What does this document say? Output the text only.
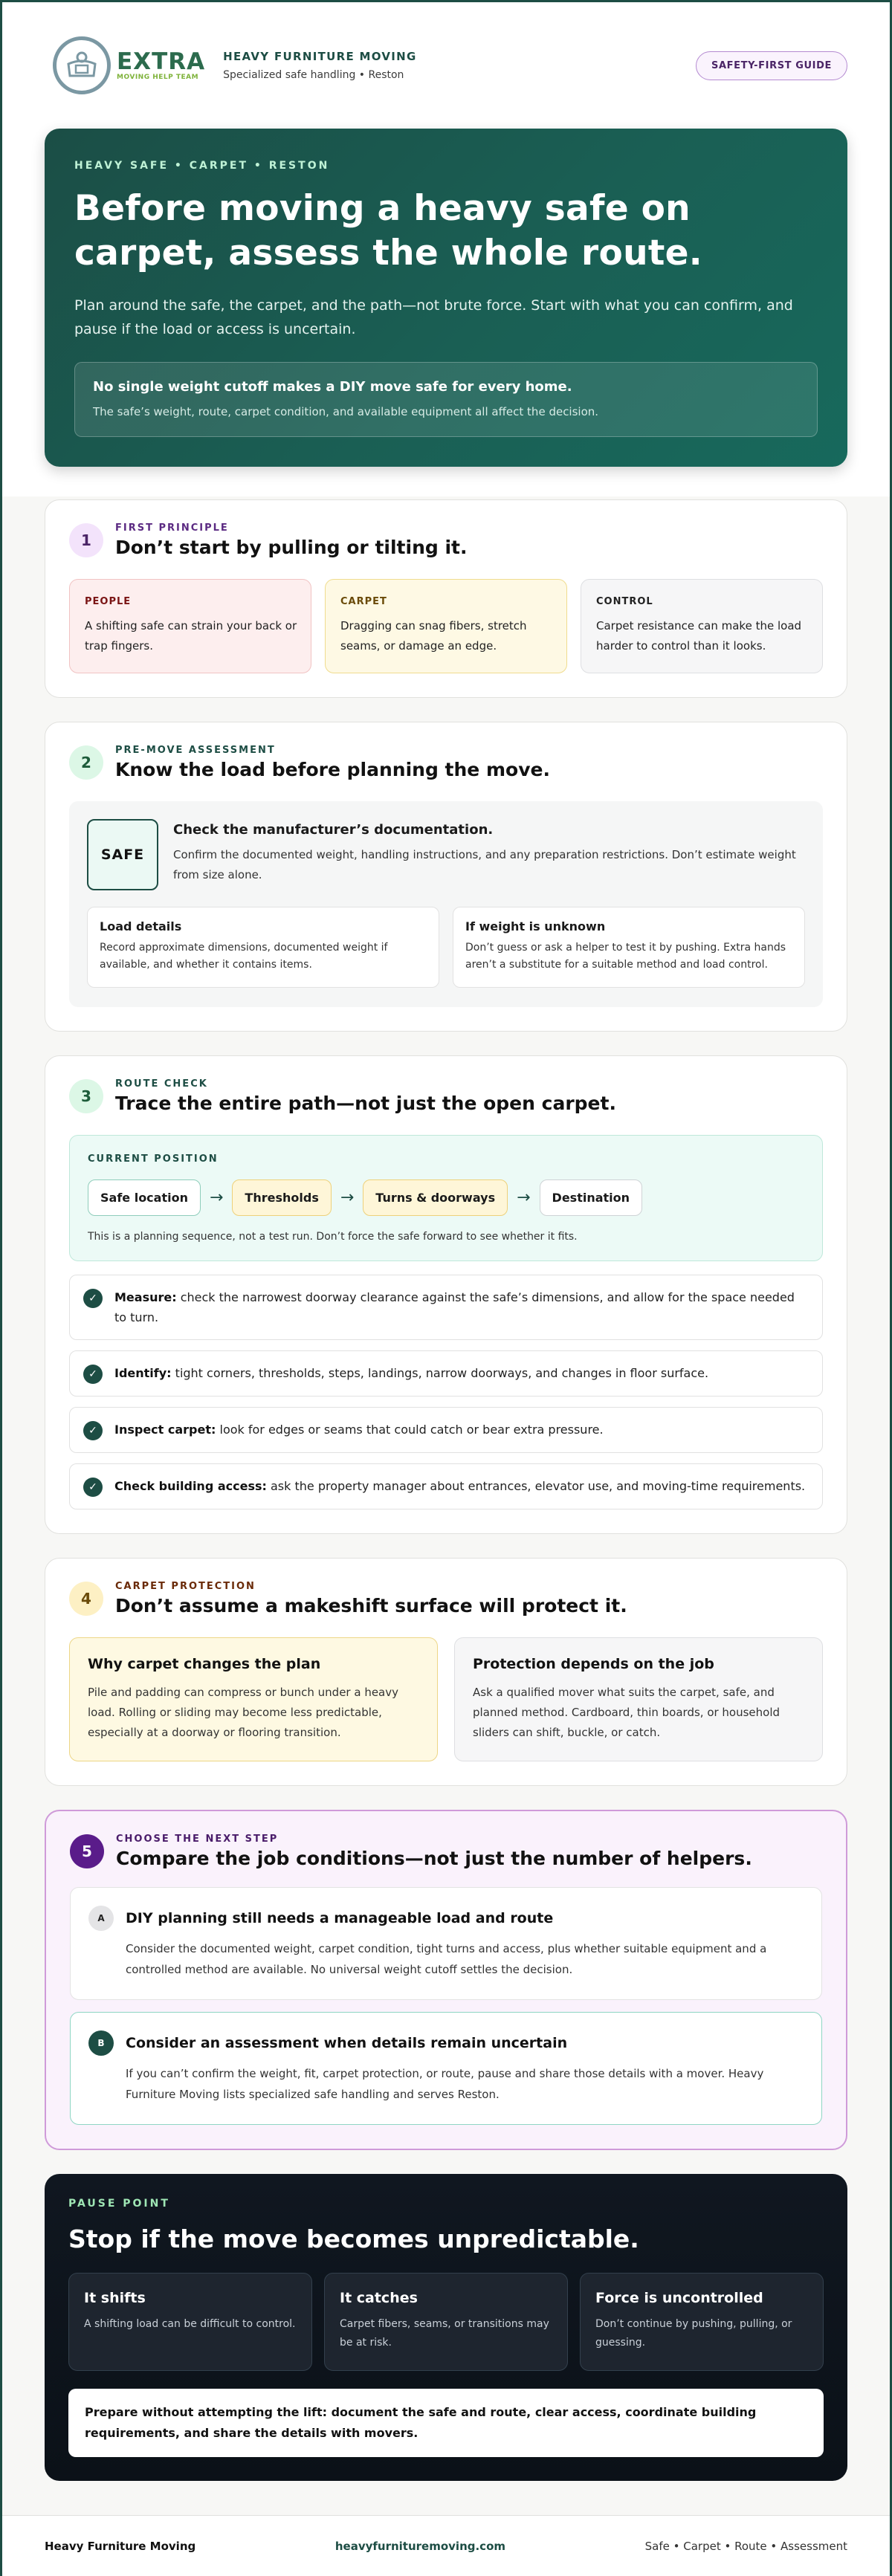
EXTRA
MOVING HELP TEAM
HEAVY FURNITURE MOVING
Specialized safe handling • Reston
SAFETY-FIRST GUIDE
HEAVY SAFE • CARPET • RESTON
Before moving a heavy safe on carpet, assess the whole route.
Plan around the safe, the carpet, and the path—not brute force. Start with what you can confirm, and pause if the load or access is uncertain.
No single weight cutoff makes a DIY move safe for every home.
The safe’s weight, route, carpet condition, and available equipment all affect the decision.
1
FIRST PRINCIPLE
Don’t start by pulling or tilting it.
PEOPLE
A shifting safe can strain your back or trap fingers.
CARPET
Dragging can snag fibers, stretch seams, or damage an edge.
CONTROL
Carpet resistance can make the load harder to control than it looks.
2
PRE-MOVE ASSESSMENT
Know the load before planning the move.
SAFE
Check the manufacturer’s documentation.
Confirm the documented weight, handling instructions, and any preparation restrictions. Don’t estimate weight from size alone.
Load details
Record approximate dimensions, documented weight if available, and whether it contains items.
If weight is unknown
Don’t guess or ask a helper to test it by pushing. Extra hands aren’t a substitute for a suitable method and load control.
3
ROUTE CHECK
Trace the entire path—not just the open carpet.
CURRENT POSITION
Safe location	→	Thresholds	→	Turns & doorways	→	Destination
This is a planning sequence, not a test run. Don’t force the safe forward to see whether it fits.
✓	Measure: check the narrowest doorway clearance against the safe’s dimensions, and allow for the space needed to turn.
✓	Identify: tight corners, thresholds, steps, landings, narrow doorways, and changes in floor surface.
✓	Inspect carpet: look for edges or seams that could catch or bear extra pressure.
✓	Check building access: ask the property manager about entrances, elevator use, and moving-time requirements.
4
CARPET PROTECTION
Don’t assume a makeshift surface will protect it.
Why carpet changes the plan
Pile and padding can compress or bunch under a heavy load. Rolling or sliding may become less predictable, especially at a doorway or flooring transition.
Protection depends on the job
Ask a qualified mover what suits the carpet, safe, and planned method. Cardboard, thin boards, or household sliders can shift, buckle, or catch.
5
CHOOSE THE NEXT STEP
Compare the job conditions—not just the number of helpers.
A	DIY planning still needs a manageable load and route
Consider the documented weight, carpet condition, tight turns and access, plus whether suitable equipment and a controlled method are available. No universal weight cutoff settles the decision.
B	Consider an assessment when details remain uncertain
If you can’t confirm the weight, fit, carpet protection, or route, pause and share those details with a mover. Heavy Furniture Moving lists specialized safe handling and serves Reston.
PAUSE POINT
Stop if the move becomes unpredictable.
It shifts
A shifting load can be difficult to control.
It catches
Carpet fibers, seams, or transitions may be at risk.
Force is uncontrolled
Don’t continue by pushing, pulling, or guessing.
Prepare without attempting the lift: document the safe and route, clear access, coordinate building requirements, and share the details with movers.
Heavy Furniture Moving	heavyfurnituremoving.com	Safe • Carpet • Route • Assessment
